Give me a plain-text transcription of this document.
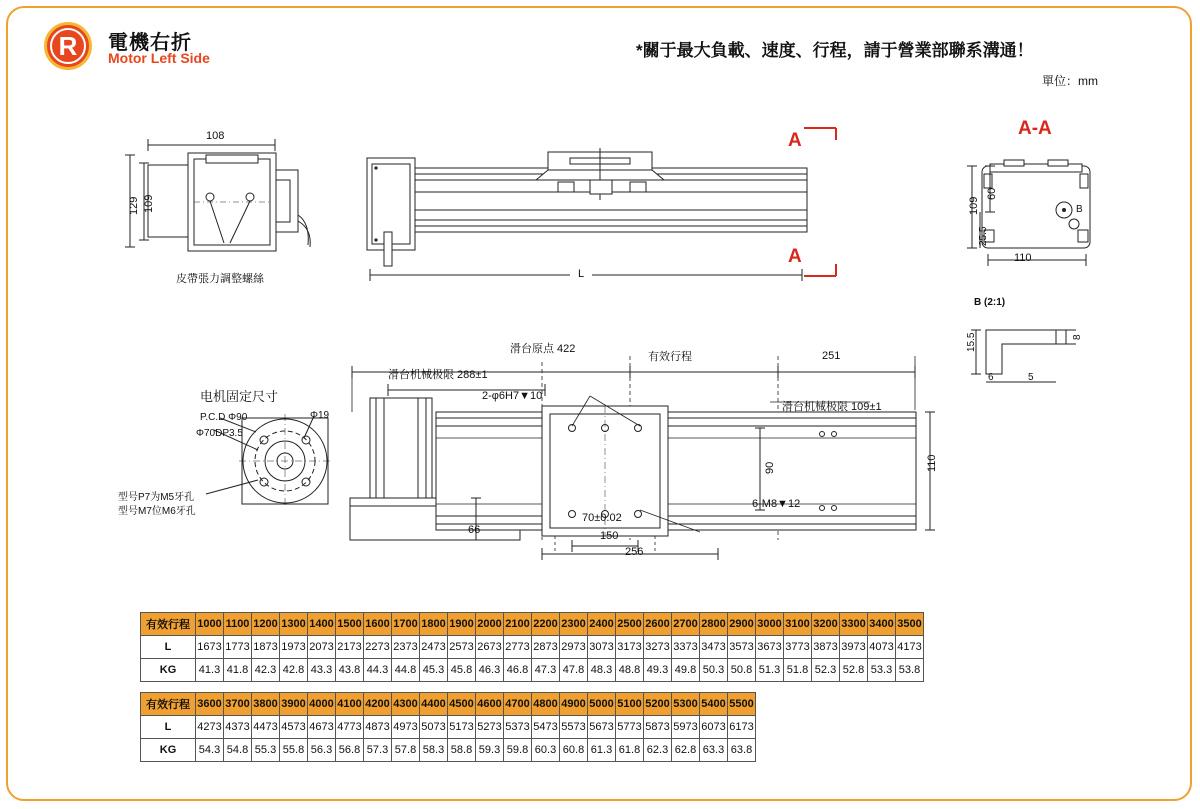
R	電機右折
Motor Left Side	*關于最大負載、速度、行程，請于營業部聯系溝通！
單位：mm
108
129 109
皮帶張力調整螺絲	L
A
A
A-A
109
60
25.5
110
B
B (2:1)
15.5	8
6	5
电机固定尺寸
P.C.D Φ90
Φ70DP3.5
Φ19
型号P7为M5牙孔
型号M7位M6牙孔
滑台原点 422
滑台机械极限 288±1
有效行程	251
滑台机械极限 109±1
2-φ6H7▼10
6-M8▼12
70±0.02
150
256
66
90	110
有效行程	1000	1100	1200	1300	1400	1500	1600	1700	1800	1900	2000	2100	2200	2300	2400	2500	2600	2700	2800	2900	3000	3100	3200	3300	3400	3500
L	1673	1773	1873	1973	2073	2173	2273	2373	2473	2573	2673	2773	2873	2973	3073	3173	3273	3373	3473	3573	3673	3773	3873	3973	4073	4173
KG	41.3	41.8	42.3	42.8	43.3	43.8	44.3	44.8	45.3	45.8	46.3	46.8	47.3	47.8	48.3	48.8	49.3	49.8	50.3	50.8	51.3	51.8	52.3	52.8	53.3	53.8
有效行程	3600	3700	3800	3900	4000	4100	4200	4300	4400	4500	4600	4700	4800	4900	5000	5100	5200	5300	5400	5500
L	4273	4373	4473	4573	4673	4773	4873	4973	5073	5173	5273	5373	5473	5573	5673	5773	5873	5973	6073	6173
KG	54.3	54.8	55.3	55.8	56.3	56.8	57.3	57.8	58.3	58.8	59.3	59.8	60.3	60.8	61.3	61.8	62.3	62.8	63.3	63.8
